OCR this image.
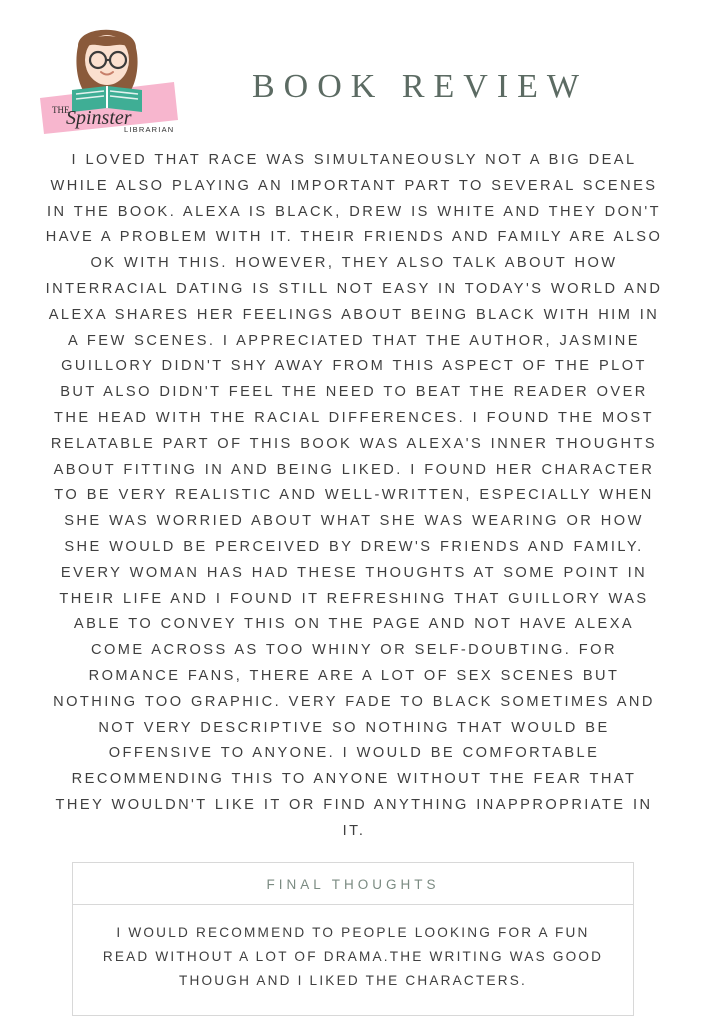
THE
Spinster
LIBRARIAN
BOOK REVIEW
I LOVED THAT RACE WAS SIMULTANEOUSLY NOT A BIG DEAL WHILE ALSO PLAYING AN IMPORTANT PART TO SEVERAL SCENES IN THE BOOK. ALEXA IS BLACK, DREW IS WHITE AND THEY DON'T HAVE A PROBLEM WITH IT. THEIR FRIENDS AND FAMILY ARE ALSO OK WITH THIS. HOWEVER, THEY ALSO TALK ABOUT HOW INTERRACIAL DATING IS STILL NOT EASY IN TODAY'S WORLD AND ALEXA SHARES HER FEELINGS ABOUT BEING BLACK WITH HIM IN A FEW SCENES. I APPRECIATED THAT THE AUTHOR, JASMINE GUILLORY DIDN'T SHY AWAY FROM THIS ASPECT OF THE PLOT BUT ALSO DIDN'T FEEL THE NEED TO BEAT THE READER OVER THE HEAD WITH THE RACIAL DIFFERENCES. I FOUND THE MOST RELATABLE PART OF THIS BOOK WAS ALEXA'S INNER THOUGHTS ABOUT FITTING IN AND BEING LIKED. I FOUND HER CHARACTER TO BE VERY REALISTIC AND WELL-WRITTEN, ESPECIALLY WHEN SHE WAS WORRIED ABOUT WHAT SHE WAS WEARING OR HOW SHE WOULD BE PERCEIVED BY DREW'S FRIENDS AND FAMILY. EVERY WOMAN HAS HAD THESE THOUGHTS AT SOME POINT IN THEIR LIFE AND I FOUND IT REFRESHING THAT GUILLORY WAS ABLE TO CONVEY THIS ON THE PAGE AND NOT HAVE ALEXA COME ACROSS AS TOO WHINY OR SELF-DOUBTING. FOR ROMANCE FANS, THERE ARE A LOT OF SEX SCENES BUT NOTHING TOO GRAPHIC. VERY FADE TO BLACK SOMETIMES AND NOT VERY DESCRIPTIVE SO NOTHING THAT WOULD BE OFFENSIVE TO ANYONE. I WOULD BE COMFORTABLE RECOMMENDING THIS TO ANYONE WITHOUT THE FEAR THAT THEY WOULDN'T LIKE IT OR FIND ANYTHING INAPPROPRIATE IN IT.
FINAL THOUGHTS
I WOULD RECOMMEND TO PEOPLE LOOKING FOR A FUN READ WITHOUT A LOT OF DRAMA.THE WRITING WAS GOOD THOUGH AND I LIKED THE CHARACTERS.
